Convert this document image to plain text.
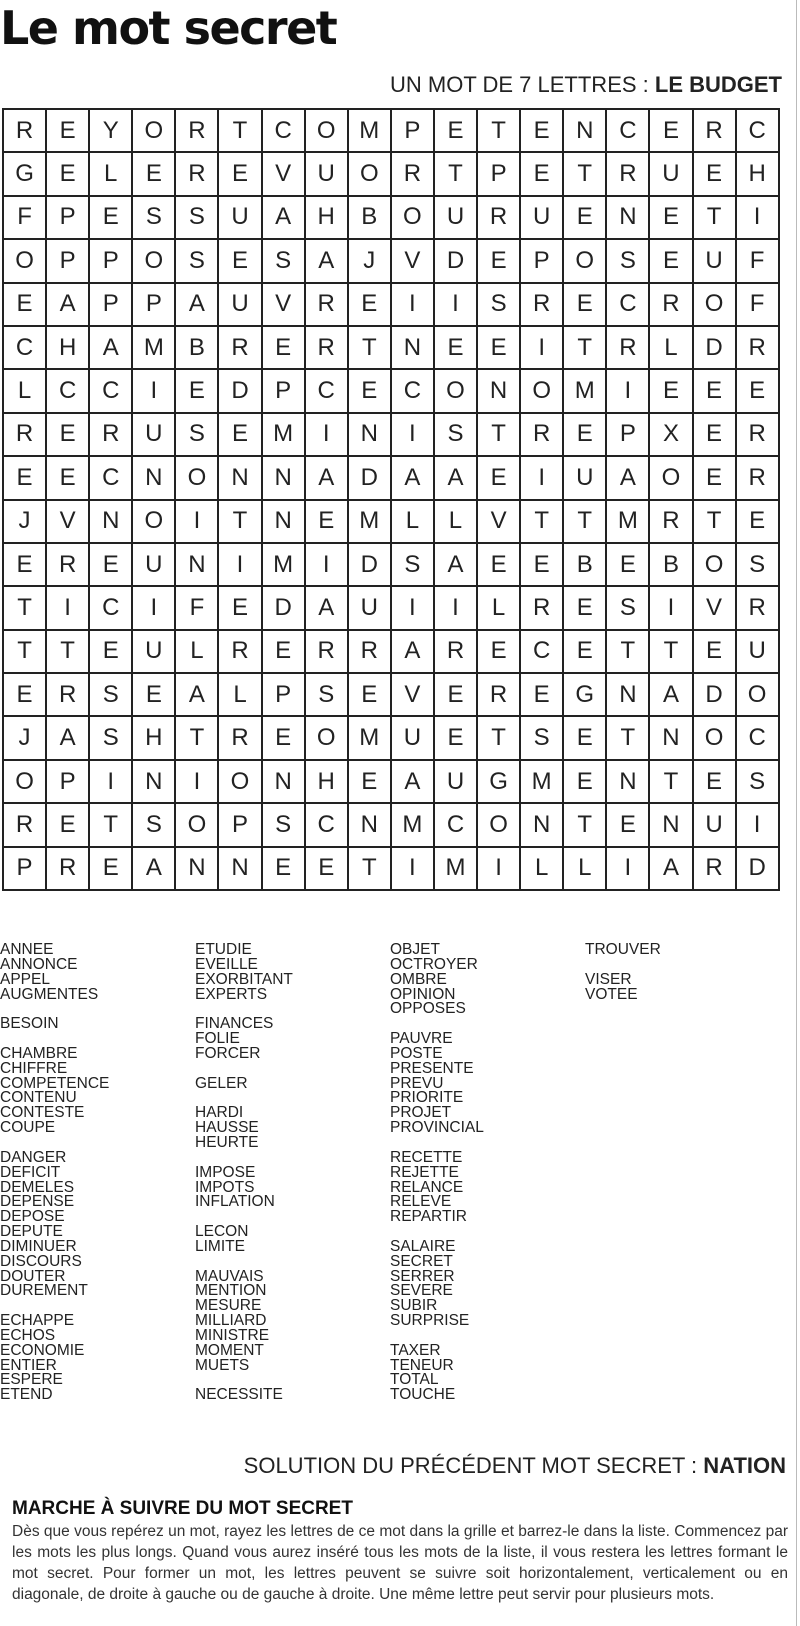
Le mot secret
UN MOT DE 7 LETTRES : LE BUDGET
R	E	Y	O	R	T	C	O M	P	E	T	E	N	C	E	R	C
G	E	L	E	R	E	V	U	O	R	T	P	E	T	R	U	E	H
F	P	E	S	S	U	A	H	B	O	U	R	U	E	N	E	T	I
O	P	P	O	S	E	S	A	J	V	D	E	P	O	S	E	U	F
E	A	P	P	A	U	V	R	E	I	I	S	R	E	C	R	O	F
C	H	A	M	B	R	E	R	T	N	E	E	I	T	R	L	D	R
L	C	C	I	E	D	P	C	E	C	O	N	O M	I	E	E	E
R	E	R	U	S	E	M	I	N	I	S	T	R	E	P	X	E	R
E	E	C	N	O	N	N	A	D	A	A	E	I	U	A	O	E	R
J	V	N	O	I	T	N	E	M	L	L	V	T	T	M	R	T	E
E	R	E	U	N	I	M	I	D	S	A	E	E	B	E	B	O	S
T	I	C	I	F	E	D	A	U	I	I	L	R	E	S	I	V	R
T	T	E	U	L	R	E	R	R	A	R	E	C	E	T	T	E	U
E	R	S	E	A	L	P	S	E	V	E	R	E	G	N	A	D	O
J	A	S	H	T	R	E	O M	U	E	T	S	E	T	N	O	C
O	P	I	N	I	O	N	H	E	A	U	G M	E	N	T	E	S
R	E	T	S	O	P	S	C	N	M	C	O	N	T	E	N	U	I
P	R	E	A	N	N	E	E	T	I	M	I	L	L	I	A	R	D
ANNEE
ANNONCE
APPEL
AUGMENTES
BESOIN
CHAMBRE
CHIFFRE
COMPETENCE
CONTENU
CONTESTE
COUPE
DANGER
DEFICIT
DEMELES
DEPENSE
DEPOSE
DEPUTE
DIMINUER
DISCOURS
DOUTER
DUREMENT
ECHAPPE
ECHOS
ECONOMIE
ENTIER
ESPERE
ETEND
ETUDIE
EVEILLE
EXORBITANT
EXPERTS
FINANCES
FOLIE
FORCER
GELER
HARDI
HAUSSE
HEURTE
IMPOSE
IMPOTS
INFLATION
LECON
LIMITE
MAUVAIS
MENTION
MESURE
MILLIARD
MINISTRE
MOMENT
MUETS
NECESSITE
OBJET
OCTROYER
OMBRE
OPINION
OPPOSES
PAUVRE
POSTE
PRESENTE
PREVU
PRIORITE
PROJET
PROVINCIAL
RECETTE
REJETTE
RELANCE
RELEVE
REPARTIR
SALAIRE
SECRET
SERRER
SEVERE
SUBIR
SURPRISE
TAXER
TENEUR
TOTAL
TOUCHE
TROUVER
VISER
VOTEE
SOLUTION DU PRÉCÉDENT MOT SECRET : NATION
MARCHE À SUIVRE DU MOT SECRET
Dès que vous repérez un mot, rayez les lettres de ce mot dans la grille et barrez-le dans la liste. Commencez par les mots les plus longs. Quand vous aurez inséré tous les mots de la liste, il vous restera les lettres formant le mot secret. Pour former un mot, les lettres peuvent se suivre soit horizontalement, verticalement ou en diagonale, de droite à gauche ou de gauche à droite. Une même lettre peut servir pour plusieurs mots.
